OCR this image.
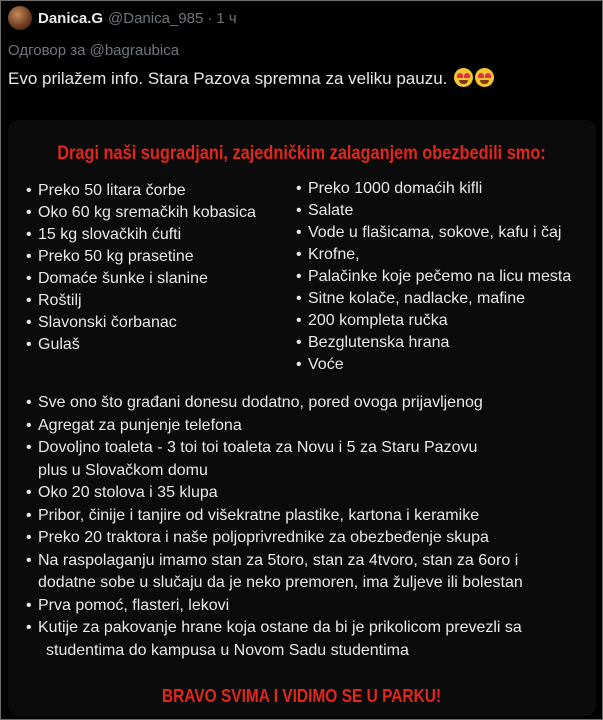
Danica.G @Danica_985 · 1 ч
Одговор за @bagraubica
Evo prilažem info. Stara Pazova spremna za veliku pauzu.
Dragi naši sugradjani, zajedničkim zalaganjem obezbedili smo:
• Preko 50 litara čorbe
• Oko 60 kg sremačkih kobasica
• 15 kg slovačkih ćufti
• Preko 50 kg prasetine
• Domaće šunke i slanine
• Roštilj
• Slavonski čorbanac
• Gulaš
• Preko 1000 domaćih kifli
• Salate
• Vode u flašicama, sokove, kafu i čaj
• Krofne,
• Palačinke koje pečemo na licu mesta
• Sitne kolače, nadlacke, mafine
• 200 kompleta ručka
• Bezglutenska hrana
• Voće
• Sve ono što građani donesu dodatno, pored ovoga prijavljenog
• Agregat za punjenje telefona
• Dovoljno toaleta - 3 toi toi toaleta za Novu i 5 za Staru Pazovu
plus u Slovačkom domu
• Oko 20 stolova i 35 klupa
• Pribor, činije i tanjire od višekratne plastike, kartona i keramike
• Preko 20 traktora i naše poljoprivrednike za obezbeđenje skupa
• Na raspolaganju imamo stan za 5toro, stan za 4tvoro, stan za 6oro i
dodatne sobe u slučaju da je neko premoren, ima žuljeve ili bolestan
• Prva pomoć, flasteri, lekovi
• Kutije za pakovanje hrane koja ostane da bi je prikolicom prevezli sa
studentima do kampusa u Novom Sadu studentima
BRAVO SVIMA I VIDIMO SE U PARKU!
